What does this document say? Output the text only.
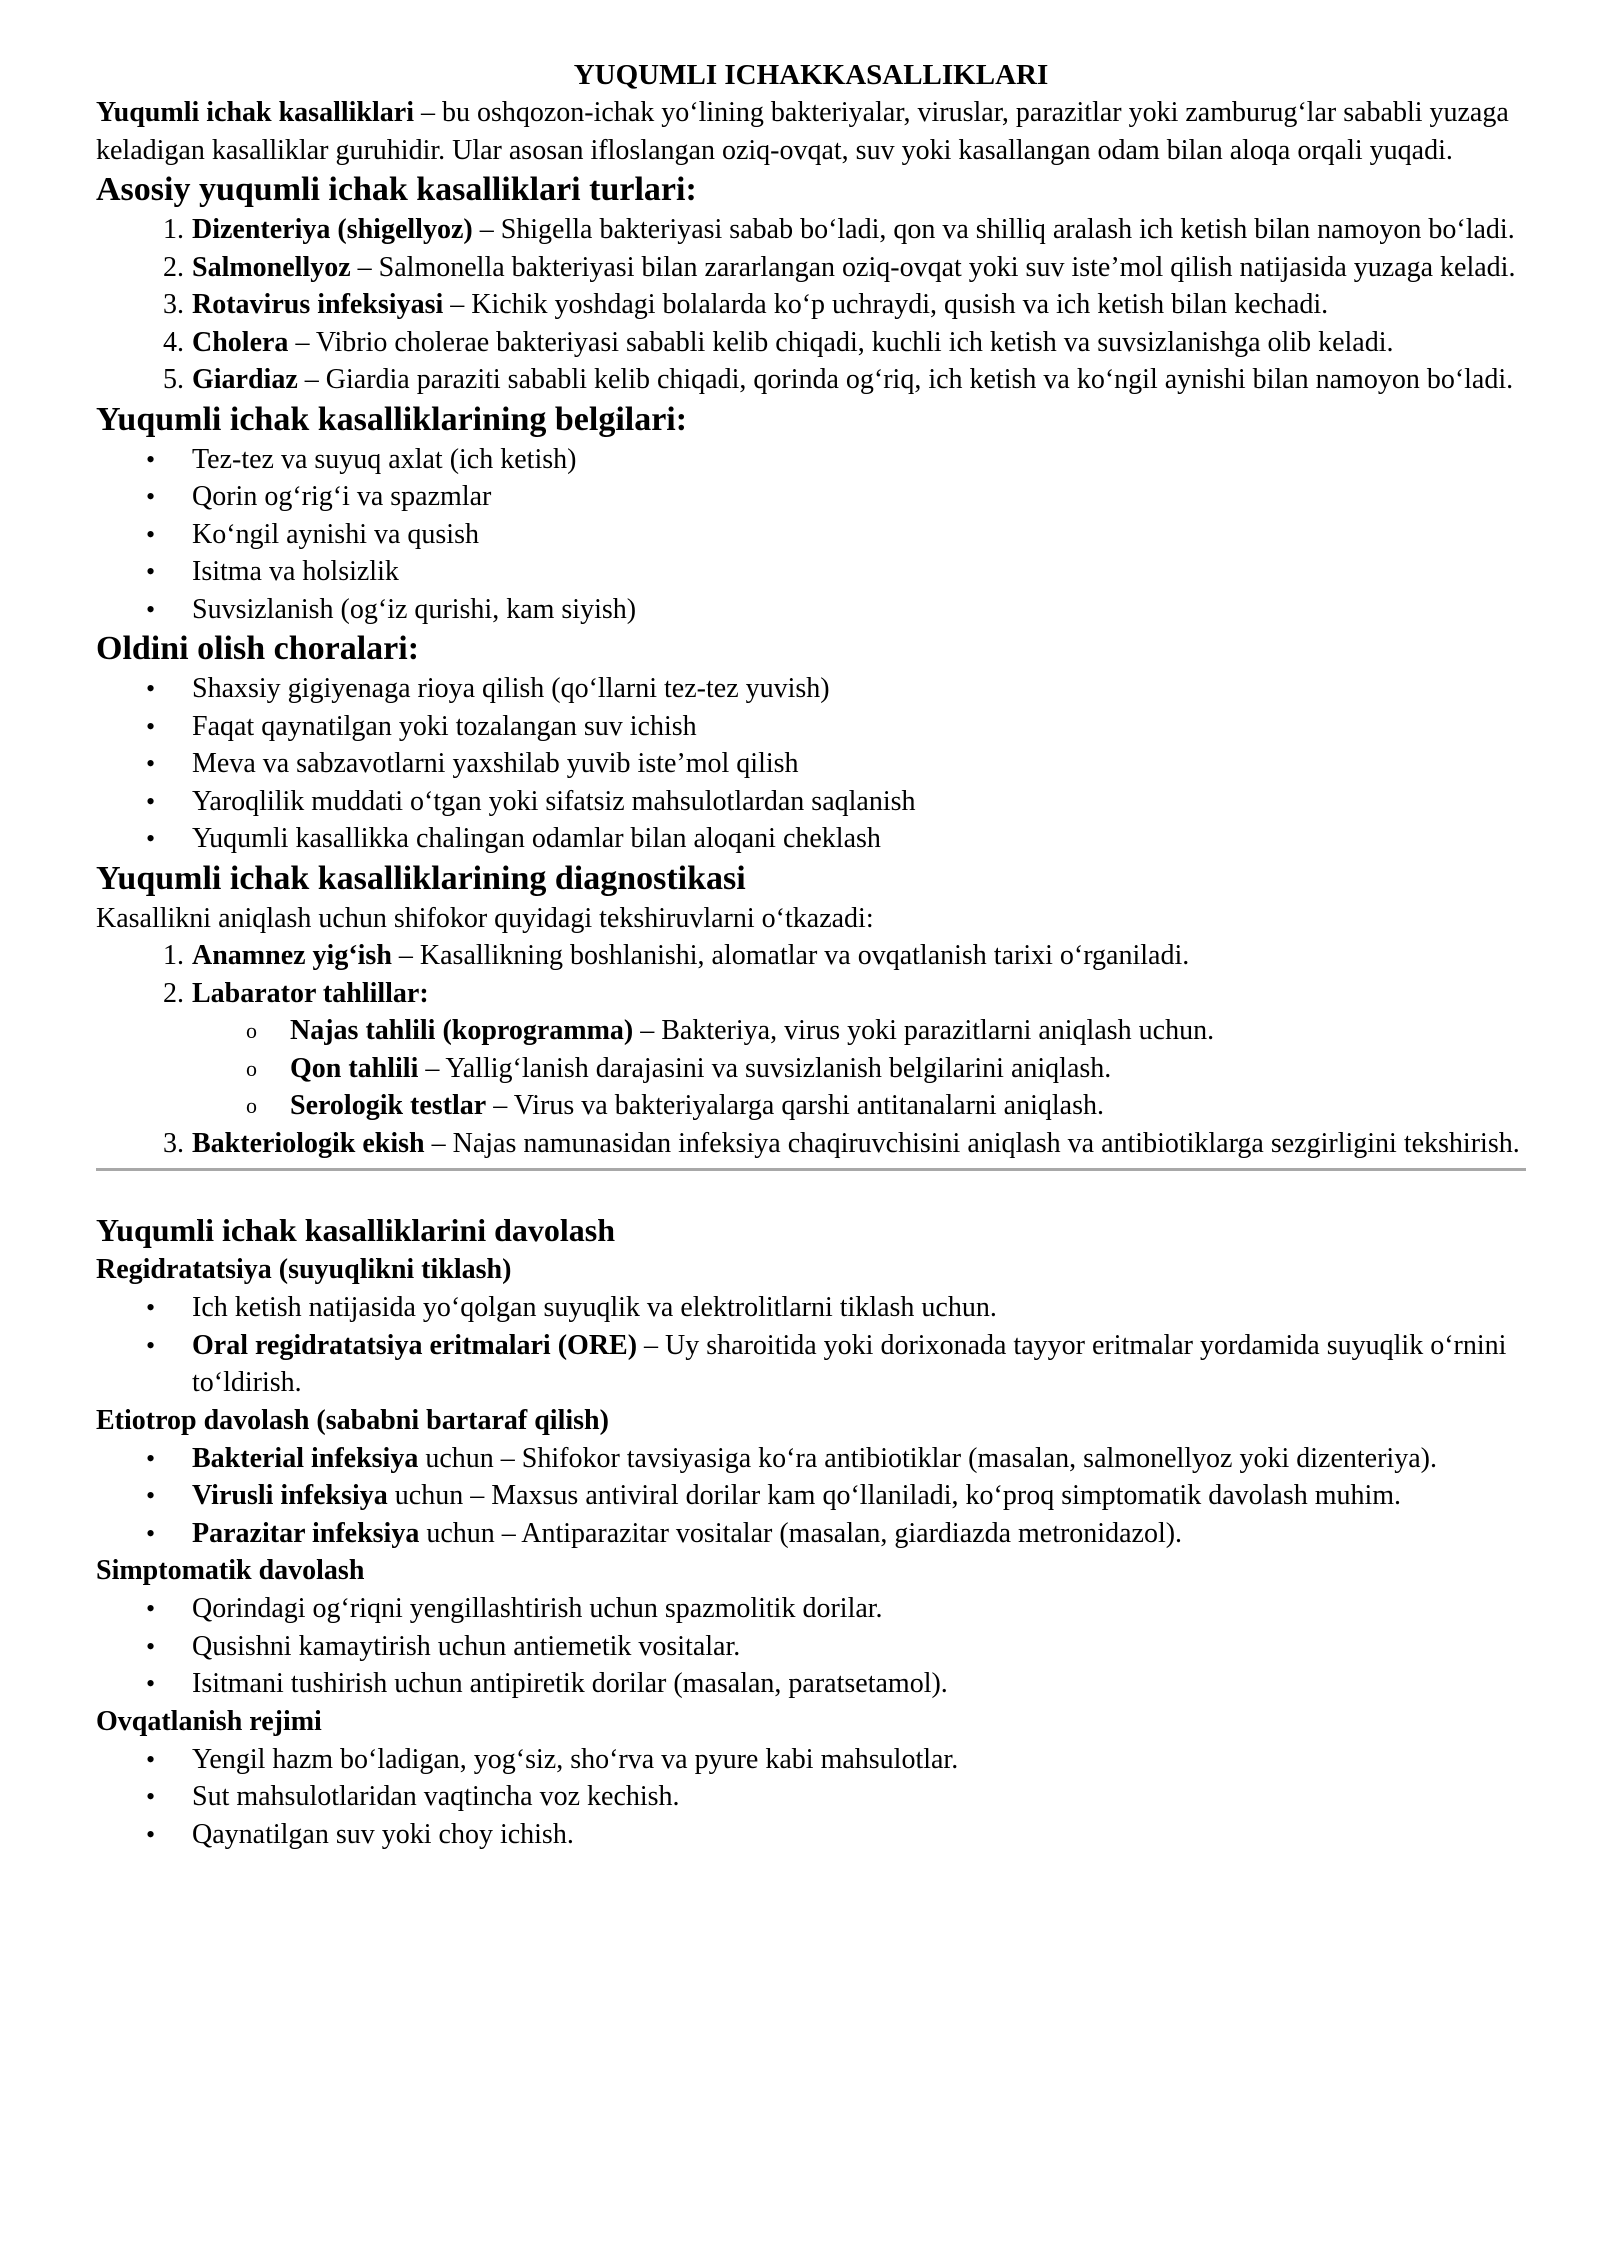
YUQUMLI ICHAKKASALLIKLARI

Yuqumli ichak kasalliklari – bu oshqozon-ichak yo‘lining bakteriyalar, viruslar, parazitlar yoki zamburug‘lar sababli yuzaga keladigan kasalliklar guruhidir. Ular asosan ifloslangan oziq-ovqat, suv yoki kasallangan odam bilan aloqa orqali yuqadi.

Asosiy yuqumli ichak kasalliklari turlari:
1. Dizenteriya (shigellyoz) – Shigella bakteriyasi sabab bo‘ladi, qon va shilliq aralash ich ketish bilan namoyon bo‘ladi.
2. Salmonellyoz – Salmonella bakteriyasi bilan zararlangan oziq-ovqat yoki suv iste’mol qilish natijasida yuzaga keladi.
3. Rotavirus infeksiyasi – Kichik yoshdagi bolalarda ko‘p uchraydi, qusish va ich ketish bilan kechadi.
4. Cholera – Vibrio cholerae bakteriyasi sababli kelib chiqadi, kuchli ich ketish va suvsizlanishga olib keladi.
5. Giardiaz – Giardia paraziti sababli kelib chiqadi, qorinda og‘riq, ich ketish va ko‘ngil aynishi bilan namoyon bo‘ladi.
Yuqumli ichak kasalliklarining belgilari:
•	Tez-tez va suyuq axlat (ich ketish)
•	Qorin og‘rig‘i va spazmlar
•	Ko‘ngil aynishi va qusish
•	Isitma va holsizlik
•	Suvsizlanish (og‘iz qurishi, kam siyish)
Oldini olish choralari:
•	Shaxsiy gigiyenaga rioya qilish (qo‘llarni tez-tez yuvish)
•	Faqat qaynatilgan yoki tozalangan suv ichish
•	Meva va sabzavotlarni yaxshilab yuvib iste’mol qilish
•	Yaroqlilik muddati o‘tgan yoki sifatsiz mahsulotlardan saqlanish
•	Yuqumli kasallikka chalingan odamlar bilan aloqani cheklash
Yuqumli ichak kasalliklarining diagnostikasi

Kasallikni aniqlash uchun shifokor quyidagi tekshiruvlarni o‘tkazadi:

1. Anamnez yig‘ish – Kasallikning boshlanishi, alomatlar va ovqatlanish tarixi o‘rganiladi.
2. Labarator tahlillar:
o	Najas tahlili (koprogramma) – Bakteriya, virus yoki parazitlarni aniqlash uchun.
o	Qon tahlili – Yallig‘lanish darajasini va suvsizlanish belgilarini aniqlash.
o	Serologik testlar – Virus va bakteriyalarga qarshi antitanalarni aniqlash.
3. Bakteriologik ekish – Najas namunasidan infeksiya chaqiruvchisini aniqlash va antibiotiklarga sezgirligini tekshirish.
Yuqumli ichak kasalliklarini davolash
Regidratatsiya (suyuqlikni tiklash)
•	Ich ketish natijasida yo‘qolgan suyuqlik va elektrolitlarni tiklash uchun.
•	Oral regidratatsiya eritmalari (ORE) – Uy sharoitida yoki dorixonada tayyor eritmalar yordamida suyuqlik o‘rnini to‘ldirish.
Etiotrop davolash (sababni bartaraf qilish)
•	Bakterial infeksiya uchun – Shifokor tavsiyasiga ko‘ra antibiotiklar (masalan, salmonellyoz yoki dizenteriya).
•	Virusli infeksiya uchun – Maxsus antiviral dorilar kam qo‘llaniladi, ko‘proq simptomatik davolash muhim.
•	Parazitar infeksiya uchun – Antiparazitar vositalar (masalan, giardiazda metronidazol).
Simptomatik davolash
•	Qorindagi og‘riqni yengillashtirish uchun spazmolitik dorilar.
•	Qusishni kamaytirish uchun antiemetik vositalar.
•	Isitmani tushirish uchun antipiretik dorilar (masalan, paratsetamol).
Ovqatlanish rejimi
•	Yengil hazm bo‘ladigan, yog‘siz, sho‘rva va pyure kabi mahsulotlar.
•	Sut mahsulotlaridan vaqtincha voz kechish.
•	Qaynatilgan suv yoki choy ichish.
